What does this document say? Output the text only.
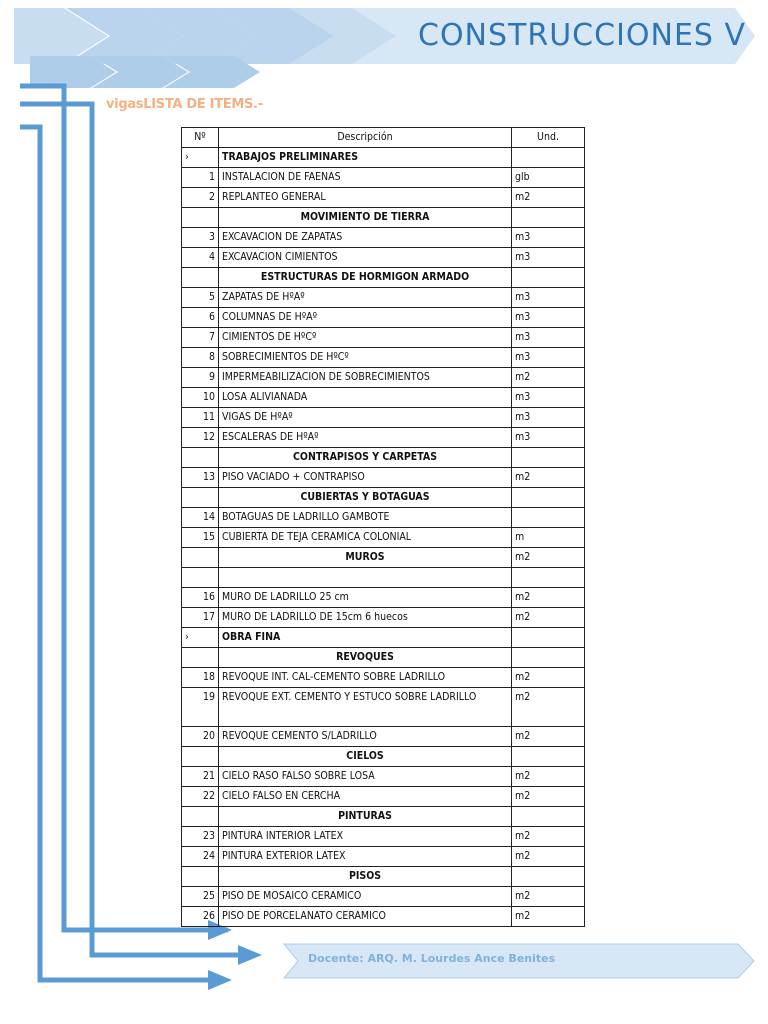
CONSTRUCCIONES V
vigasLISTA DE ITEMS.-
Nº	Descripción	Und.
›	TRABAJOS PRELIMINARES	
1	INSTALACION DE FAENAS	glb
2	REPLANTEO GENERAL	m2
	MOVIMIENTO DE TIERRA	
3	EXCAVACION DE ZAPATAS	m3
4	EXCAVACION CIMIENTOS	m3
	ESTRUCTURAS DE HORMIGON ARMADO	
5	ZAPATAS DE HºAº	m3
6	COLUMNAS DE HºAº	m3
7	CIMIENTOS DE HºCº	m3
8	SOBRECIMIENTOS DE HºCº	m3
9	IMPERMEABILIZACION DE SOBRECIMIENTOS	m2
10	LOSA ALIVIANADA	m3
11	VIGAS DE HºAº	m3
12	ESCALERAS DE HºAº	m3
	CONTRAPISOS Y CARPETAS	
13	PISO VACIADO + CONTRAPISO	m2
	CUBIERTAS Y BOTAGUAS	
14	BOTAGUAS DE LADRILLO GAMBOTE	
15	CUBIERTA DE TEJA CERAMICA COLONIAL	m
	MUROS	m2

16	MURO DE LADRILLO 25 cm	m2
17	MURO DE LADRILLO DE 15cm 6 huecos	m2
›	OBRA FINA	
	REVOQUES	
18	REVOQUE INT. CAL-CEMENTO SOBRE LADRILLO	m2
19	REVOQUE EXT. CEMENTO Y ESTUCO SOBRE LADRILLO	m2
20	REVOQUE CEMENTO S/LADRILLO	m2
	CIELOS	
21	CIELO RASO FALSO SOBRE LOSA	m2
22	CIELO FALSO EN CERCHA	m2
	PINTURAS	
23	PINTURA INTERIOR LATEX	m2
24	PINTURA EXTERIOR LATEX	m2
	PISOS	
25	PISO DE MOSAICO CERAMICO	m2
26	PISO DE PORCELANATO CERAMICO	m2
Docente: ARQ. M. Lourdes Ance Benites
